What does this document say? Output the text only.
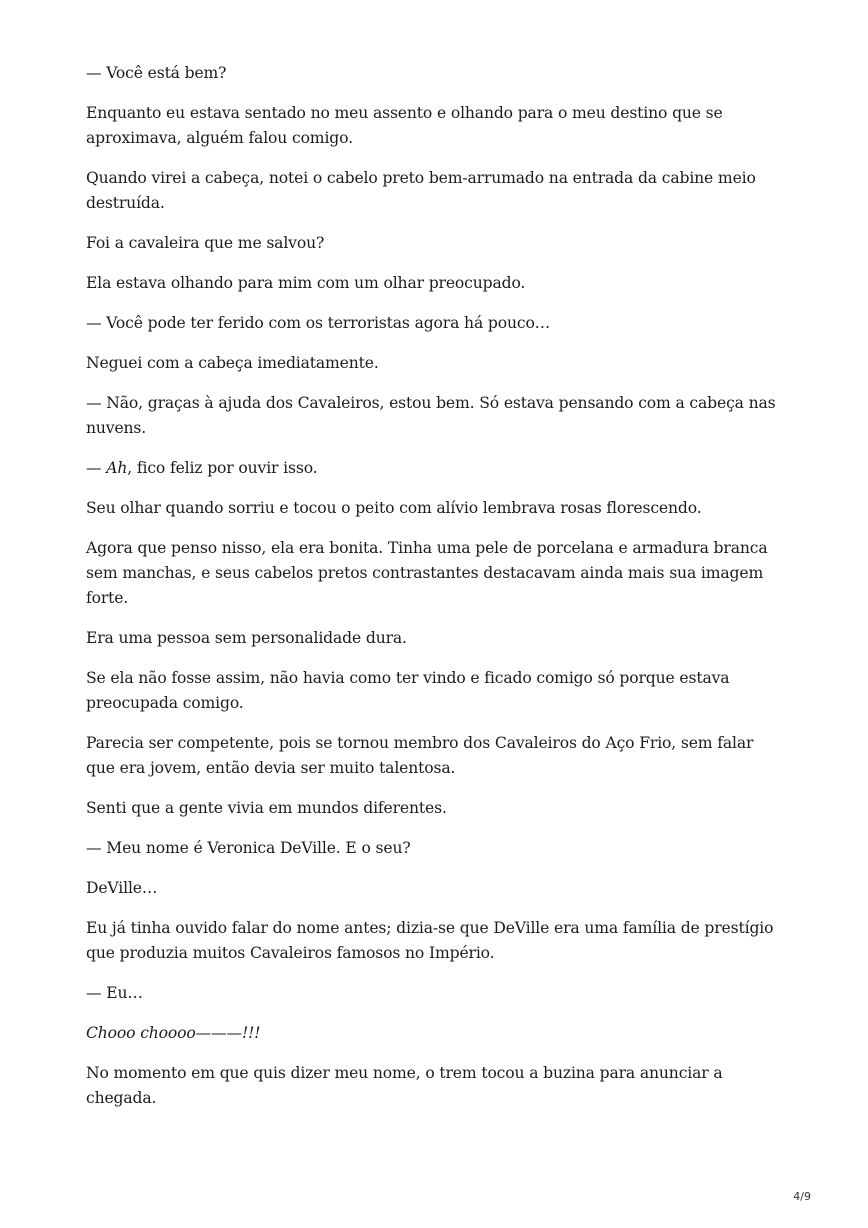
— Você está bem?

Enquanto eu estava sentado no meu assento e olhando para o meu destino que se aproximava, alguém falou comigo.

Quando virei a cabeça, notei o cabelo preto bem-arrumado na entrada da cabine meio destruída.

Foi a cavaleira que me salvou?

Ela estava olhando para mim com um olhar preocupado.

— Você pode ter ferido com os terroristas agora há pouco…

Neguei com a cabeça imediatamente.

— Não, graças à ajuda dos Cavaleiros, estou bem. Só estava pensando com a cabeça nas nuvens.

— Ah, fico feliz por ouvir isso.

Seu olhar quando sorriu e tocou o peito com alívio lembrava rosas florescendo.

Agora que penso nisso, ela era bonita. Tinha uma pele de porcelana e armadura branca sem manchas, e seus cabelos pretos contrastantes destacavam ainda mais sua imagem forte.

Era uma pessoa sem personalidade dura.

Se ela não fosse assim, não havia como ter vindo e ficado comigo só porque estava preocupada comigo.

Parecia ser competente, pois se tornou membro dos Cavaleiros do Aço Frio, sem falar que era jovem, então devia ser muito talentosa.

Senti que a gente vivia em mundos diferentes.

— Meu nome é Veronica DeVille. E o seu?

DeVille…

Eu já tinha ouvido falar do nome antes; dizia-se que DeVille era uma família de prestígio que produzia muitos Cavaleiros famosos no Império.

— Eu…

Chooo choooo———!!!

No momento em que quis dizer meu nome, o trem tocou a buzina para anunciar a chegada.

4/9
